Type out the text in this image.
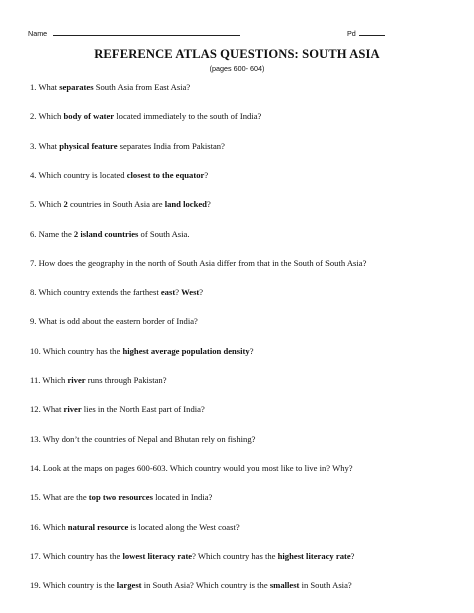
Name	Pd
REFERENCE ATLAS QUESTIONS: SOUTH ASIA
(pages 600- 604)
1. What separates South Asia from East Asia?
2. Which body of water located immediately to the south of India?
3. What physical feature separates India from Pakistan?
4. Which country is located closest to the equator?
5. Which 2 countries in South Asia are land locked?
6. Name the 2 island countries of South Asia.
7. How does the geography in the north of South Asia differ from that in the South of South Asia?
8. Which country extends the farthest east? West?
9. What is odd about the eastern border of India?
10. Which country has the highest average population density?
11. Which river runs through Pakistan?
12. What river lies in the North East part of India?
13. Why don’t the countries of Nepal and Bhutan rely on fishing?
14. Look at the maps on pages 600-603. Which country would you most like to live in? Why?
15. What are the top two resources located in India?
16. Which natural resource is located along the West coast?
17. Which country has the lowest literacy rate? Which country has the highest literacy rate?
19. Which country is the largest in South Asia? Which country is the smallest in South Asia?
